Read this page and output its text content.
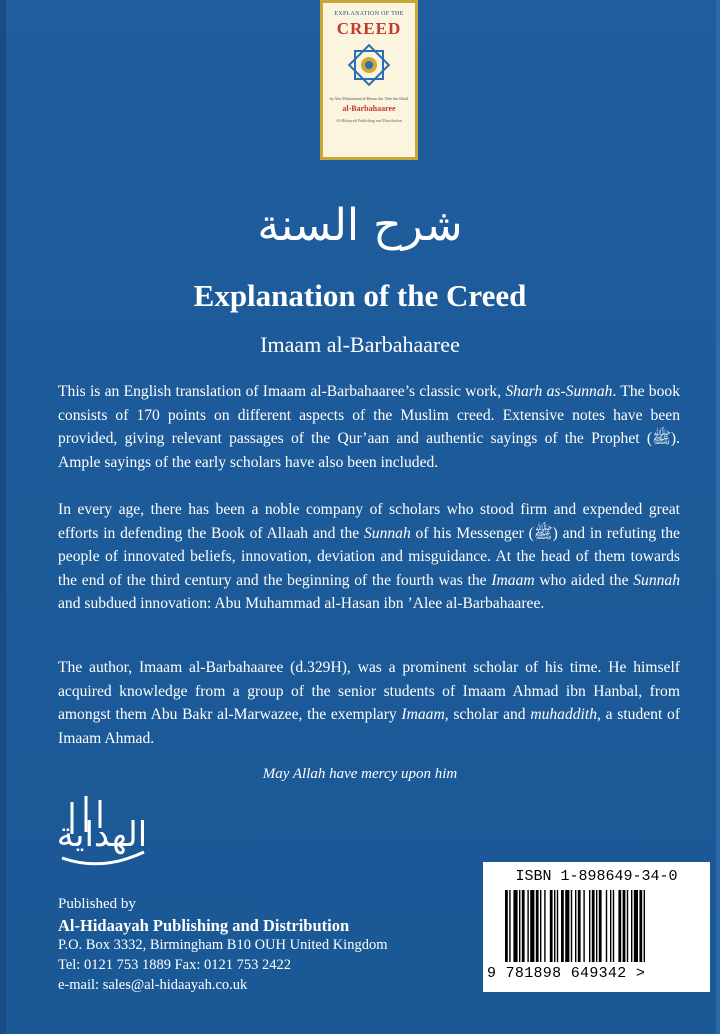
EXPLANATION OF THE
CREED
by Abu Muhammad al-Hasan ibn 'Alee ibn Khalf
al-Barbahaaree
Al-Hidaayah Publishing and Distribution
شرح السنة
Explanation of the Creed
Imaam al-Barbahaaree
This is an English translation of Imaam al-Barbahaaree’s classic work, Sharh as-Sunnah. The book consists of 170 points on different aspects of the Muslim creed. Extensive notes have been provided, giving relevant passages of the Qur’aan and authentic sayings of the Prophet (ﷺ). Ample sayings of the early scholars have also been included.
In every age, there has been a noble company of scholars who stood firm and expended great efforts in defending the Book of Allaah and the Sunnah of his Messenger (ﷺ) and in refuting the people of innovated beliefs, innovation, deviation and misguidance. At the head of them towards the end of the third century and the beginning of the fourth was the Imaam who aided the Sunnah and subdued innovation: Abu Muhammad al-Hasan ibn ’Alee al-Barbahaaree.
The author, Imaam al-Barbahaaree (d.329H), was a prominent scholar of his time. He himself acquired knowledge from a group of the senior students of Imaam Ahmad ibn Hanbal, from amongst them Abu Bakr al-Marwazee, the exemplary Imaam, scholar and muhaddith, a student of Imaam Ahmad.
May Allah have mercy upon him
الهداية
Published by
Al-Hidaayah Publishing and Distribution
P.O. Box 3332, Birmingham B10 OUH United Kingdom
Tel: 0121 753 1889 Fax: 0121 753 2422
e-mail: sales@al-hidaayah.co.uk
ISBN 1-898649-34-0
9 781898 649342 >
